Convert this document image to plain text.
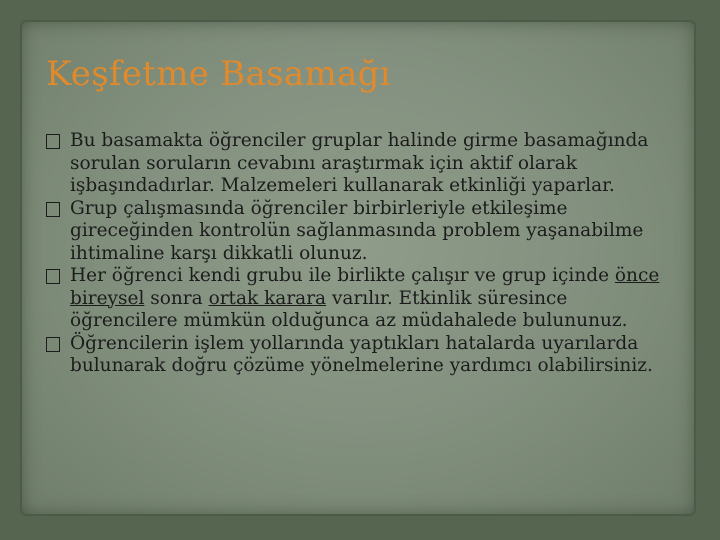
Keşfetme Basamağı

Bu basamakta öğrenciler gruplar halinde girme basamağında sorulan soruların cevabını araştırmak için aktif olarak işbaşındadırlar. Malzemeleri kullanarak etkinliği yaparlar.

Grup çalışmasında öğrenciler birbirleriyle etkileşime gireceğinden kontrolün sağlanmasında problem yaşanabilme ihtimaline karşı dikkatli olunuz.

Her öğrenci kendi grubu ile birlikte çalışır ve grup içinde önce bireysel sonra ortak karara varılır. Etkinlik süresince öğrencilere mümkün olduğunca az müdahalede bulununuz.

Öğrencilerin işlem yollarında yaptıkları hatalarda uyarılarda bulunarak doğru çözüme yönelmelerine yardımcı olabilirsiniz.
